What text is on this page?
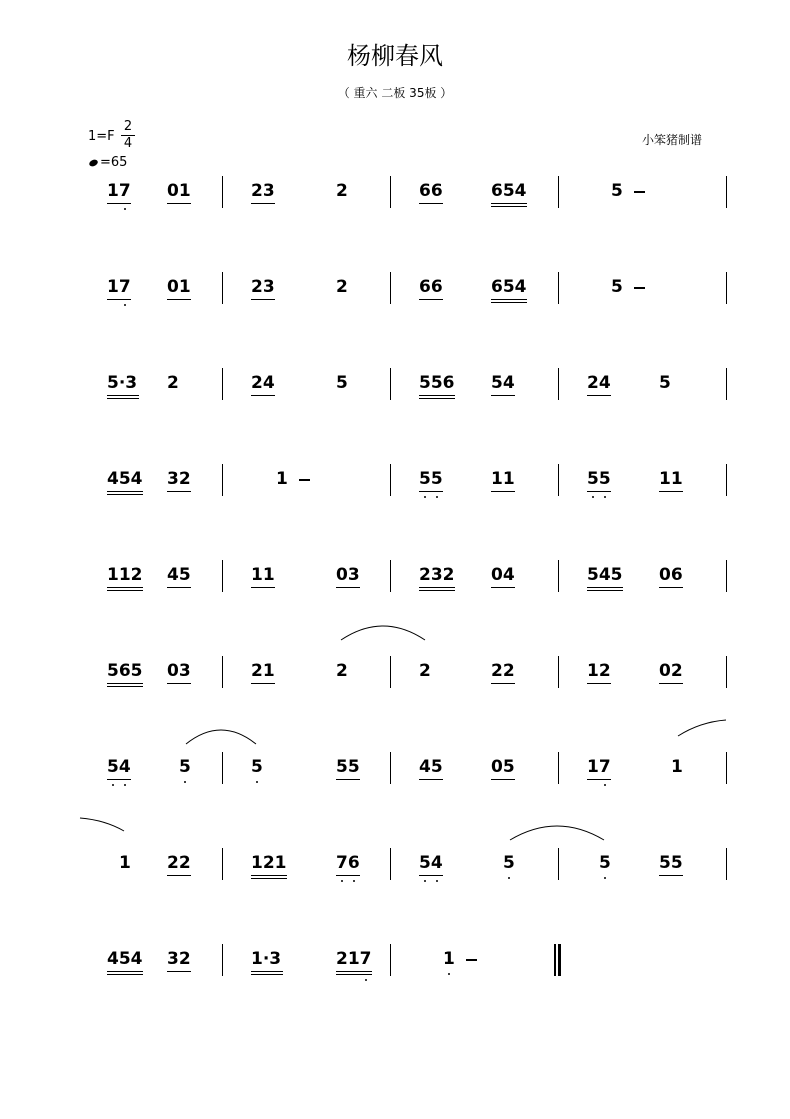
杨柳春风
（ 重六 二板 35板 ）
$1=F \frac{2}{4}$
=65
小笨猪制谱
17 01	23	2	66	654	5
17 01	23	2	66	654	5
5·3 2	24	5	556 54	24	5
454 32	1	55	11	55	11
112 45	11	03	232 04	545 06
565 03	21	2	2	22	12	02
54	5	5	55	45	05	17	1
1 22	121	76	54	5	5	55
454 32	1·3	217	1
